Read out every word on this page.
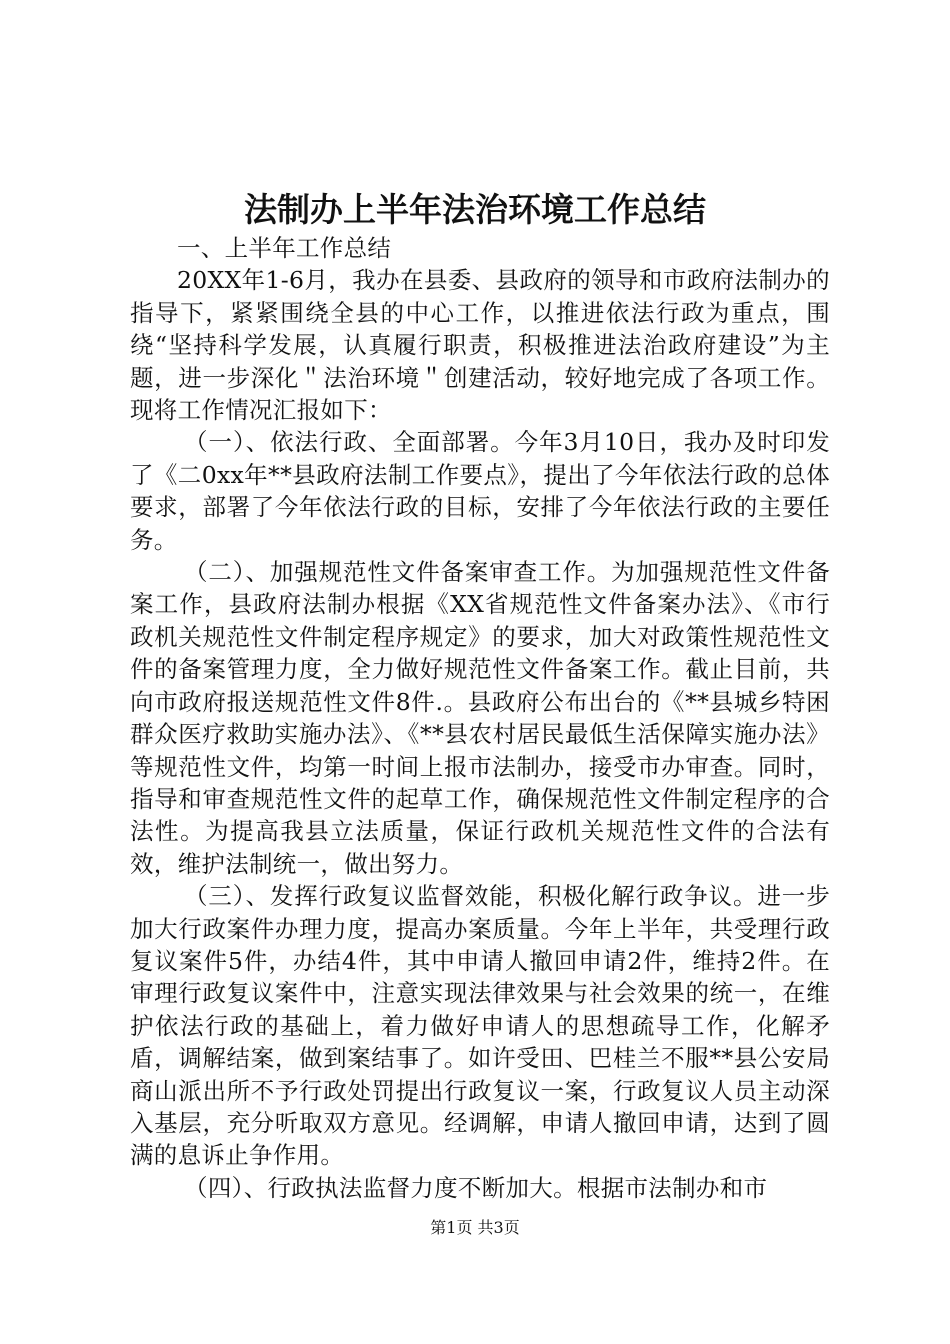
法制办上半年法治环境工作总结

一、上半年工作总结

20XX年1-6月，我办在县委、县政府的领导和市政府法制办的指导下，紧紧围绕全县的中心工作，以推进依法行政为重点，围绕“坚持科学发展，认真履行职责，积极推进法治政府建设”为主题，进一步深化＂法治环境＂创建活动，较好地完成了各项工作。现将工作情况汇报如下：

（一）、依法行政、全面部署。今年3月10日，我办及时印发了《二0xx年**县政府法制工作要点》，提出了今年依法行政的总体要求，部署了今年依法行政的目标，安排了今年依法行政的主要任务。

（二）、加强规范性文件备案审查工作。为加强规范性文件备案工作，县政府法制办根据《XX省规范性文件备案办法》、《市行政机关规范性文件制定程序规定》的要求，加大对政策性规范性文件的备案管理力度，全力做好规范性文件备案工作。截止目前，共向市政府报送规范性文件8件.。县政府公布出台的《**县城乡特困群众医疗救助实施办法》、《**县农村居民最低生活保障实施办法》等规范性文件，均第一时间上报市法制办，接受市办审查。同时，指导和审查规范性文件的起草工作，确保规范性文件制定程序的合法性。为提高我县立法质量，保证行政机关规范性文件的合法有效，维护法制统一，做出努力。

（三）、发挥行政复议监督效能，积极化解行政争议。进一步加大行政案件办理力度，提高办案质量。今年上半年，共受理行政复议案件5件，办结4件，其中申请人撤回申请2件，维持2件。在审理行政复议案件中，注意实现法律效果与社会效果的统一，在维护依法行政的基础上，着力做好申请人的思想疏导工作，化解矛盾，调解结案，做到案结事了。如许受田、巴桂兰不服**县公安局商山派出所不予行政处罚提出行政复议一案，行政复议人员主动深入基层，充分听取双方意见。经调解，申请人撤回申请，达到了圆满的息诉止争作用。

（四）、行政执法监督力度不断加大。根据市法制办和市

第1页 共3页
